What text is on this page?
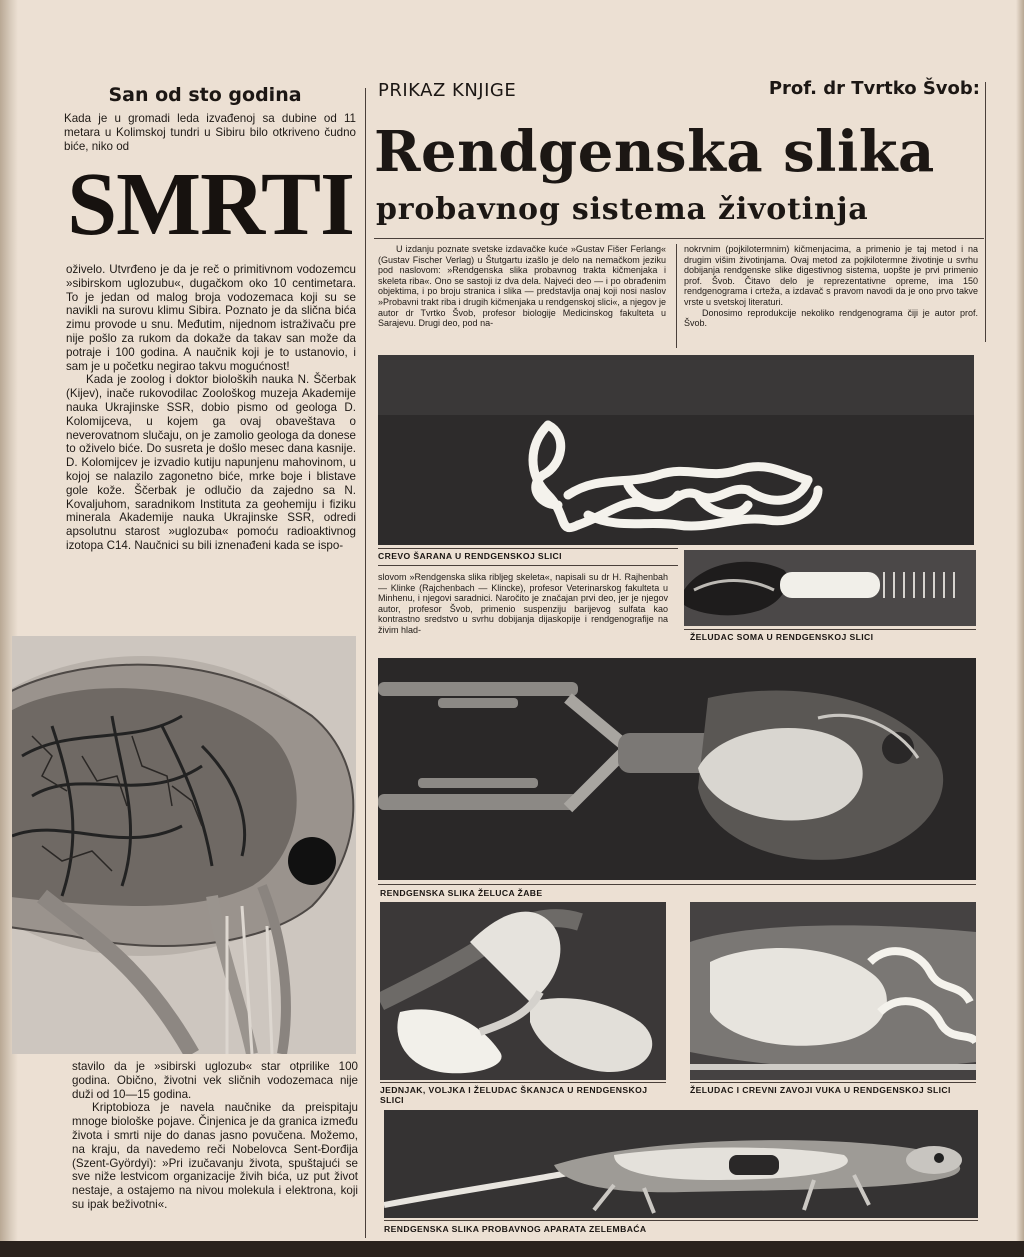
San od sto godina
Kada je u gromadi leda izvađenoj sa dubine od 11 metara u Kolimskoj tundri u Sibiru bilo otkriveno čudno biće, niko od
SMRTI

oživelo. Utvrđeno je da je reč o primitivnom vodozemcu »sibirskom uglozubu«, dugačkom oko 10 centimetara. To je jedan od malog broja vodozemaca koji su se navikli na surovu klimu Sibira. Poznato je da slična bića zimu provode u snu. Međutim, nijednom istraživaču pre nije pošlo za rukom da dokaže da takav san može da potraje i 100 godina. A naučnik koji je to ustanovio, i sam je u početku negirao takvu mogućnost!

Kada je zoolog i doktor bioloških nauka N. Ščerbak (Kijev), inače rukovodilac Zoološkog muzeja Akademije nauka Ukrajinske SSR, dobio pismo od geologa D. Kolomijceva, u kojem ga ovaj obaveštava o neverovatnom slučaju, on je zamolio geologa da donese to oživelo biće. Do susreta je došlo mesec dana kasnije. D. Kolomijcev je izvadio kutiju napunjenu mahovinom, u kojoj se nalazilo zagonetno biće, mrke boje i blistave gole kože. Ščerbak je odlučio da zajedno sa N. Kovaljuhom, saradnikom Instituta za geohemiju i fiziku minerala Akademije nauka Ukrajinske SSR, odredi apsolutnu starost »uglozuba« pomoću radioaktivnog izotopa C14. Naučnici su bili iznenađeni kada se ispo-

stavilo da je »sibirski uglozub« star otprilike 100 godina. Obično, životni vek sličnih vodozemaca nije duži od 10—15 godina.

Kriptobioza je navela naučnike da preispitaju mnoge biološke pojave. Činjenica je da granica između života i smrti nije do danas jasno povučena. Možemo, na kraju, da navedemo reči Nobelovca Sent-Đorđija (Szent-Györdyi): »Pri izučavanju života, spuštajući se sve niže lestvicom organizacije živih bića, uz put život nestaje, a ostajemo na nivou molekula i elektrona, koji su ipak beživotni«.

PRIKAZ KNJIGE	Prof. dr Tvrtko Švob:
Rendgenska slika
probavnog sistema životinja

U izdanju poznate svetske izdavačke kuće »Gustav Fišer Ferlang« (Gustav Fischer Verlag) u Štutgartu izašlo je delo na nemačkom jeziku pod naslovom: »Rendgenska slika probavnog trakta kičmenjaka i skeleta riba«. Ono se sastoji iz dva dela. Najveći deo — i po obrađenim objektima, i po broju stranica i slika — predstavlja onaj koji nosi naslov »Probavni trakt riba i drugih kičmenjaka u rendgenskoj slici«, a njegov je autor dr Tvrtko Švob, profesor biologije Medicinskog fakulteta u Sarajevu. Drugi deo, pod na-

nokrvnim (pojkilotermnim) kičmenjacima, a primenio je taj metod i na drugim višim životinjama. Ovaj metod za pojkilotermne životinje u svrhu dobijanja rendgenske slike digestivnog sistema, uopšte je prvi primenio prof. Švob. Čitavo delo je reprezentativne opreme, ima 150 rendgenograma i crteža, a izdavač s pravom navodi da je ono prvo takve vrste u svetskoj literaturi.

Donosimo reprodukcije nekoliko rendgenograma čiji je autor prof. Švob.

CREVO ŠARANA U RENDGENSKOJ SLICI

slovom »Rendgenska slika ribljeg skeleta«, napisali su dr H. Rajhenbah — Klinke (Rajchenbach — Klincke), profesor Veterinarskog fakulteta u Minhenu, i njegovi saradnici. Naročito je značajan prvi deo, jer je njegov autor, profesor Švob, primenio suspenziju barijevog sulfata kao kontrastno sredstvo u svrhu dobijanja dijaskopije i rendgenografije na živim hlad-

ŽELUDAC SOMA U RENDGENSKOJ SLICI
RENDGENSKA SLIKA ŽELUCA ŽABE
JEDNJAK, VOLJKA I ŽELUDAC ŠKANJCA U RENDGENSKOJ SLICI
ŽELUDAC I CREVNI ZAVOJI VUKA U RENDGENSKOJ SLICI
RENDGENSKA SLIKA PROBAVNOG APARATA ZELEMBAĆA
